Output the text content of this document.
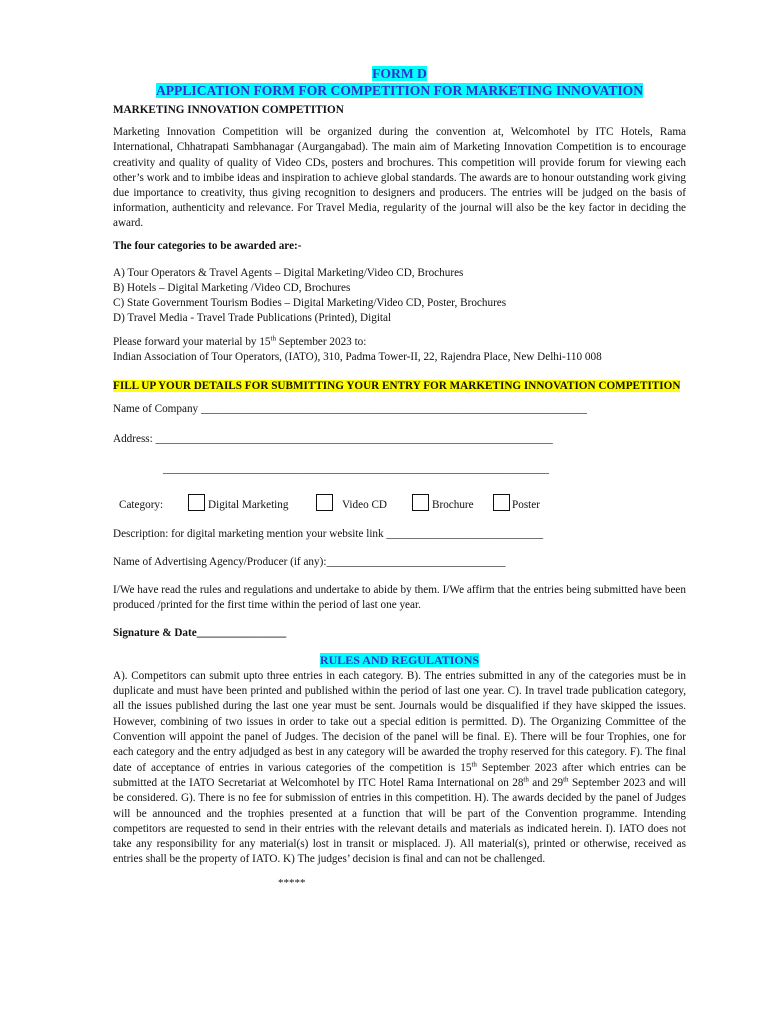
FORM D
APPLICATION FORM FOR COMPETITION FOR MARKETING INNOVATION
MARKETING INNOVATION COMPETITION
Marketing Innovation Competition will be organized during the convention at, Welcomhotel by ITC Hotels, Rama International, Chhatrapati Sambhanagar (Aurgangabad). The main aim of Marketing Innovation Competition is to encourage creativity and quality of quality of Video CDs, posters and brochures. This competition will provide forum for viewing each other’s work and to imbibe ideas and inspiration to achieve global standards. The awards are to honour outstanding work giving due importance to creativity, thus giving recognition to designers and producers. The entries will be judged on the basis of information, authenticity and relevance. For Travel Media, regularity of the journal will also be the key factor in deciding the award.
The four categories to be awarded are:-
A) Tour Operators & Travel Agents – Digital Marketing/Video CD, Brochures
B) Hotels – Digital Marketing /Video CD, Brochures
C) State Government Tourism Bodies – Digital Marketing/Video CD, Poster, Brochures
D) Travel Media - Travel Trade Publications (Printed), Digital
Please forward your material by 15th September 2023 to:
Indian Association of Tour Operators, (IATO), 310, Padma Tower-II, 22, Rajendra Place, New Delhi-110 008
FILL UP YOUR DETAILS FOR SUBMITTING YOUR ENTRY FOR MARKETING INNOVATION COMPETITION
Name of Company _____________________________________________________________________
Address: _______________________________________________________________________
_____________________________________________________________________
Category:	Digital Marketing	Video CD	Brochure	Poster
Description: for digital marketing mention your website link ____________________________
Name of Advertising Agency/Producer (if any):________________________________
I/We have read the rules and regulations and undertake to abide by them. I/We affirm that the entries being submitted have been produced /printed for the first time within the period of last one year.
Signature & Date________________
RULES AND REGULATIONS
A). Competitors can submit upto three entries in each category. B). The entries submitted in any of the categories must be in duplicate and must have been printed and published within the period of last one year. C). In travel trade publication category, all the issues published during the last one year must be sent. Journals would be disqualified if they have skipped the issues. However, combining of two issues in order to take out a special edition is permitted. D). The Organizing Committee of the Convention will appoint the panel of Judges. The decision of the panel will be final. E). There will be four Trophies, one for each category and the entry adjudged as best in any category will be awarded the trophy reserved for this category. F). The final date of acceptance of entries in various categories of the competition is 15th September 2023 after which entries can be submitted at the IATO Secretariat at Welcomhotel by ITC Hotel Rama International on 28th and 29th September 2023 and will be considered. G). There is no fee for submission of entries in this competition. H). The awards decided by the panel of Judges will be announced and the trophies presented at a function that will be part of the Convention programme. Intending competitors are requested to send in their entries with the relevant details and materials as indicated herein. I). IATO does not take any responsibility for any material(s) lost in transit or misplaced. J). All material(s), printed or otherwise, received as entries shall be the property of IATO. K) The judges’ decision is final and can not be challenged.
*****
